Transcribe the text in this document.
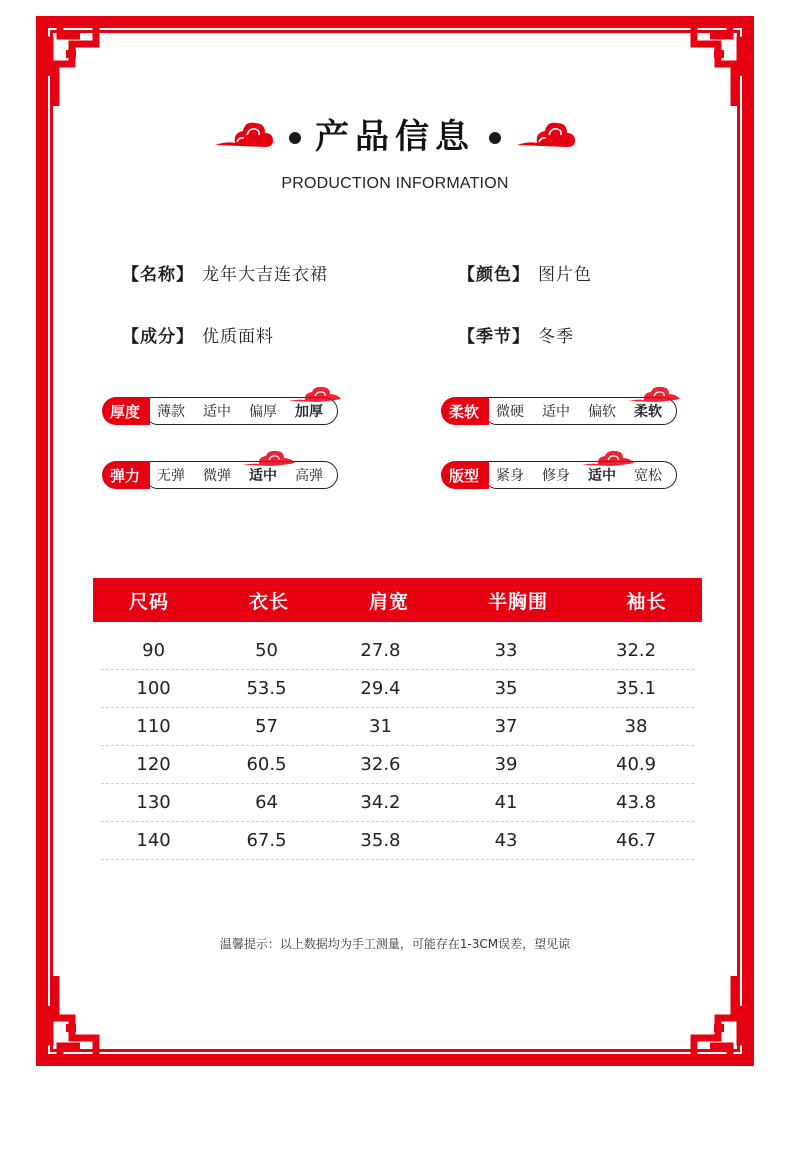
产品信息
PRODUCTION INFORMATION
【名称】 龙年大吉连衣裙	【颜色】 图片色
【成分】 优质面料	【季节】 冬季
厚度	薄款 适中 偏厚 加厚	柔软	微硬 适中 偏软 柔软
弹力	无弹 微弹 适中 高弹	版型	紧身 修身 适中 宽松
尺码	衣长	肩宽	半胸围	袖长
90	50	27.8	33	32.2
100	53.5	29.4	35	35.1
110	57	31	37	38
120	60.5	32.6	39	40.9
130	64	34.2	41	43.8
140	67.5	35.8	43	46.7
温馨提示：以上数据均为手工测量，可能存在1-3CM误差，望见谅
